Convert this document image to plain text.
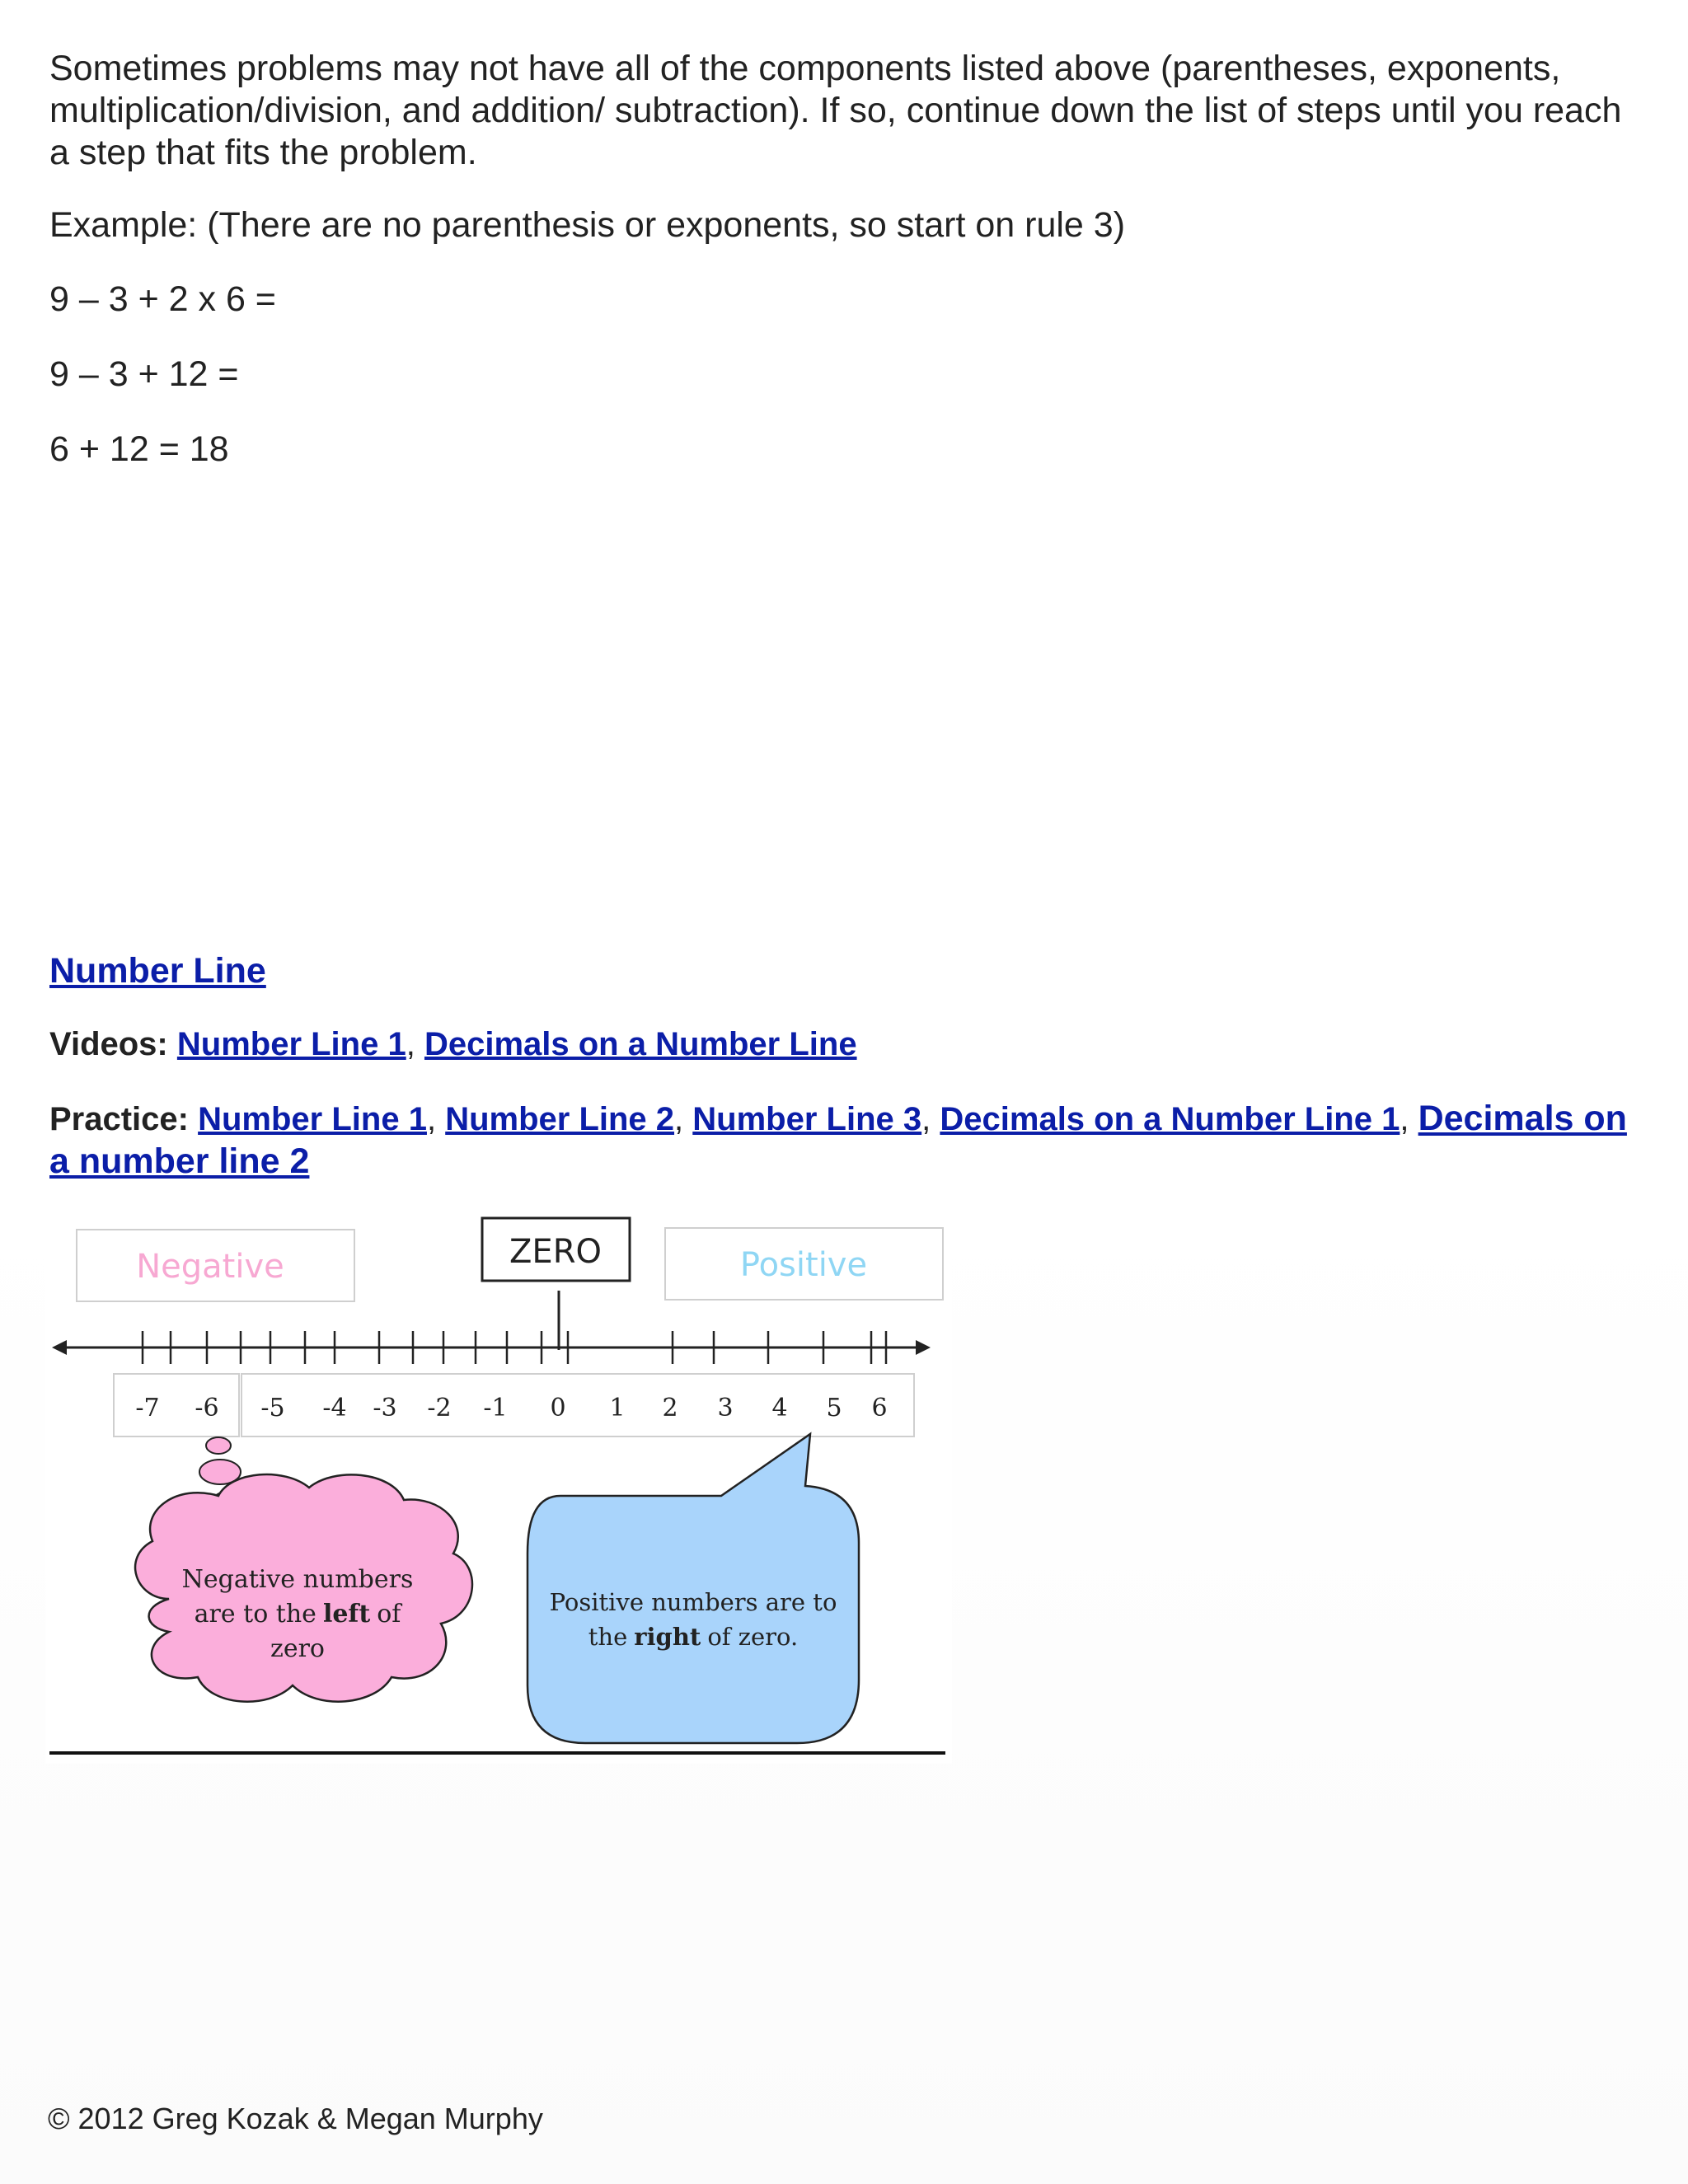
Sometimes problems may not have all of the components listed above (parentheses, exponents, multiplication/division, and addition/ subtraction). If so, continue down the list of steps until you reach a step that fits the problem.

Example: (There are no parenthesis or exponents, so start on rule 3)

9 – 3 + 2 x 6 =

9 – 3 + 12 =

6 + 12 = 18

Number Line

Videos: Number Line 1, Decimals on a Number Line

Practice: Number Line 1, Number Line 2, Number Line 3, Decimals on a Number Line 1, Decimals on a number line 2

Negative	ZERO	Positive
-7 -6 -5 -4 -3 -2 -1 0 1 2 3 4 5 6
Negative numbers
are to the left of
zero
Positive numbers are to
the right of zero.
© 2012 Greg Kozak & Megan Murphy
